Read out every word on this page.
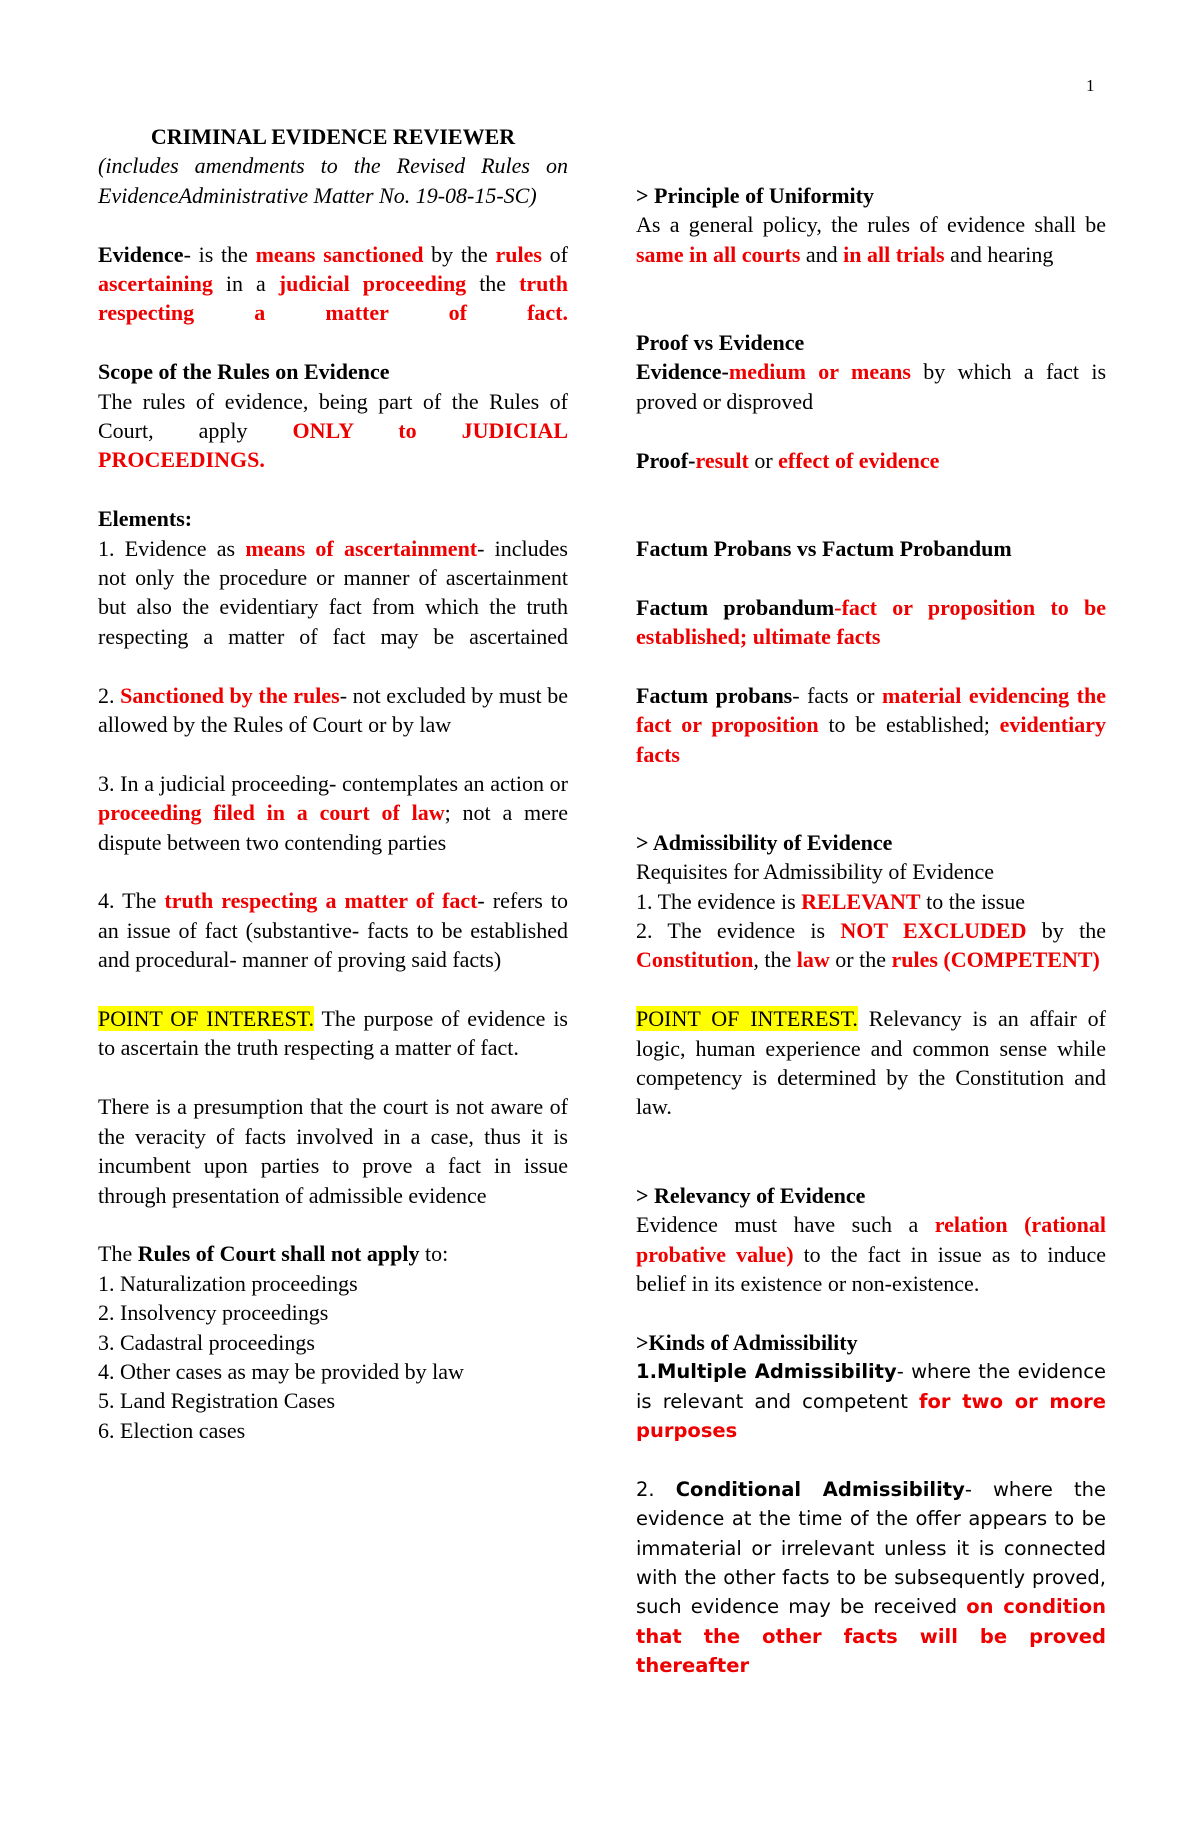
1

CRIMINAL EVIDENCE REVIEWER

(includes amendments to the Revised Rules on EvidenceAdministrative Matter No. 19-08-15-SC)

Evidence- is the means sanctioned by the rules of ascertaining in a judicial proceeding the truth respecting a matter of fact.

Scope of the Rules on Evidence

The rules of evidence, being part of the Rules of Court, apply ONLY to JUDICIAL PROCEEDINGS.

Elements:

1. Evidence as means of ascertainment- includes not only the procedure or manner of ascertainment but also the evidentiary fact from which the truth respecting a matter of fact may be ascertained

2. Sanctioned by the rules- not excluded by must be allowed by the Rules of Court or by law

3. In a judicial proceeding- contemplates an action or proceeding filed in a court of law; not a mere dispute between two contending parties

4. The truth respecting a matter of fact- refers to an issue of fact (substantive- facts to be established and procedural- manner of proving said facts)

POINT OF INTEREST. The purpose of evidence is to ascertain the truth respecting a matter of fact.

There is a presumption that the court is not aware of the veracity of facts involved in a case, thus it is incumbent upon parties to prove a fact in issue through presentation of admissible evidence

The Rules of Court shall not apply to:

1. Naturalization proceedings
2. Insolvency proceedings
3. Cadastral proceedings
4. Other cases as may be provided by law
5. Land Registration Cases
6. Election cases

> Principle of Uniformity

As a general policy, the rules of evidence shall be same in all courts and in all trials and hearing

Proof vs Evidence

Evidence-medium or means by which a fact is proved or disproved

Proof-result or effect of evidence

Factum Probans vs Factum Probandum

Factum probandum-fact or proposition to be established; ultimate facts

Factum probans- facts or material evidencing the fact or proposition to be established; evidentiary facts

> Admissibility of Evidence

Requisites for Admissibility of Evidence

1. The evidence is RELEVANT to the issue

2. The evidence is NOT EXCLUDED by the Constitution, the law or the rules (COMPETENT)

POINT OF INTEREST. Relevancy is an affair of logic, human experience and common sense while competency is determined by the Constitution and law.

> Relevancy of Evidence

Evidence must have such a relation (rational probative value) to the fact in issue as to induce belief in its existence or non-existence.

>Kinds of Admissibility

1.Multiple Admissibility- where the evidence is relevant and competent for two or more purposes

2. Conditional Admissibility- where the evidence at the time of the offer appears to be immaterial or irrelevant unless it is connected with the other facts to be subsequently proved, such evidence may be received on condition that the other facts will be proved thereafter
